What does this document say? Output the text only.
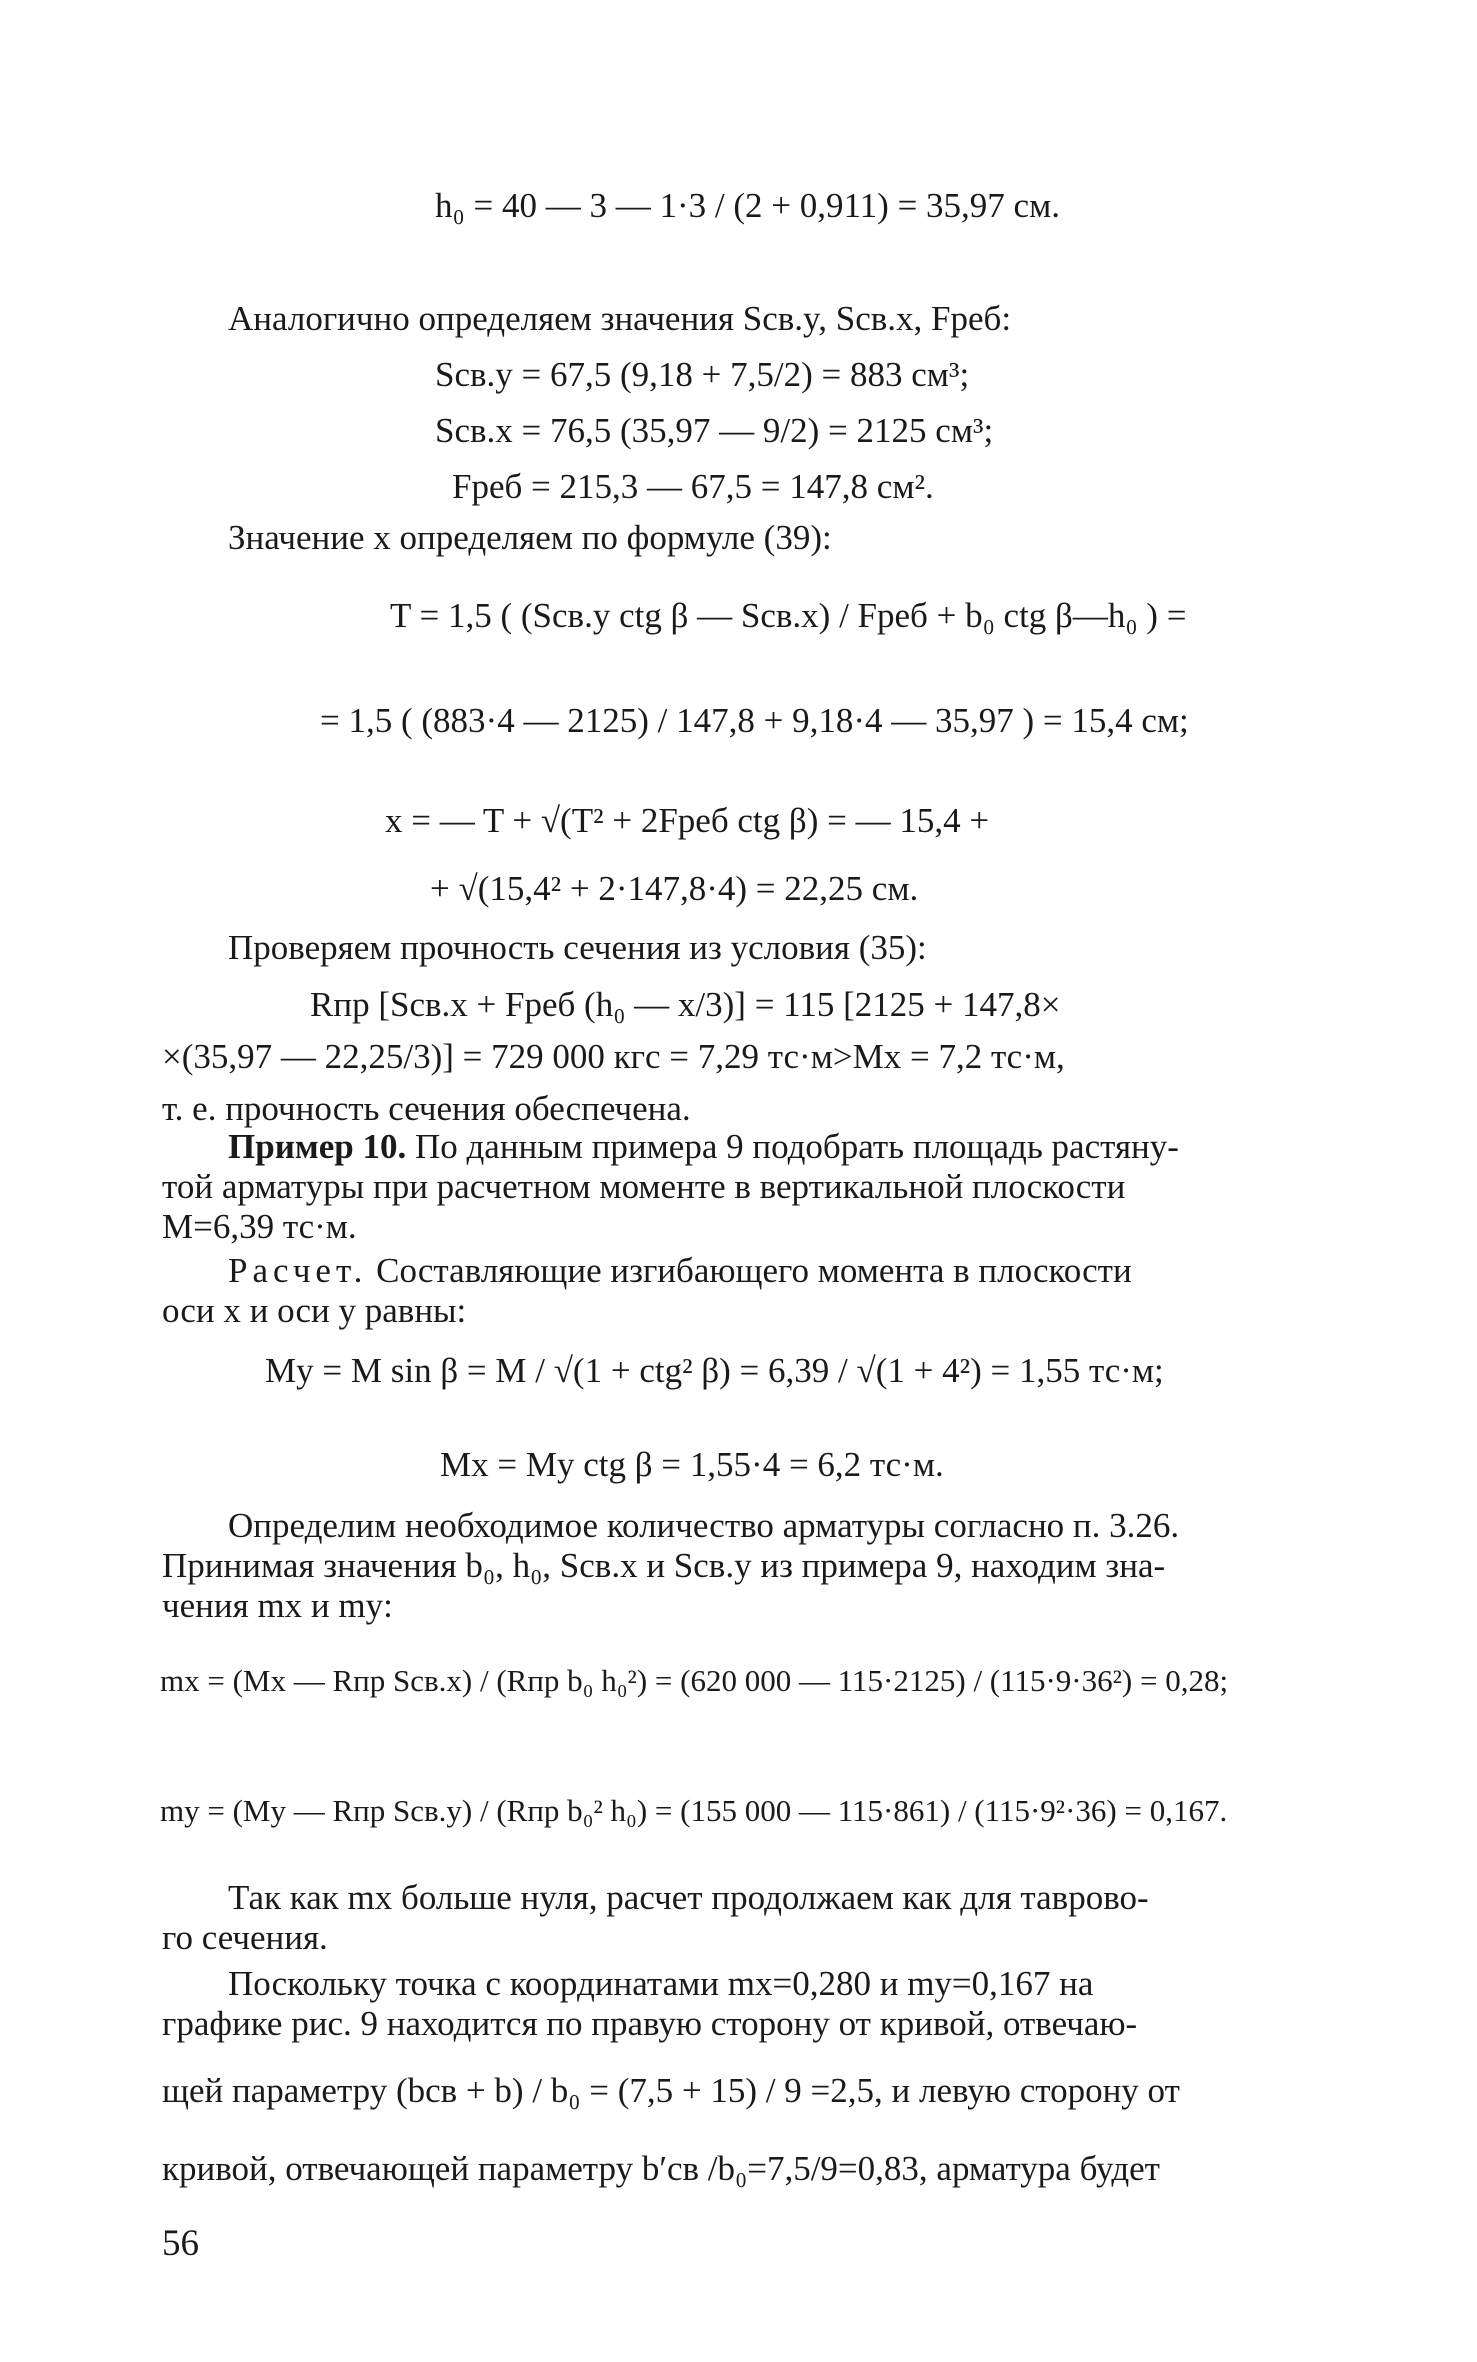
h₀ = 40 — 3 — 1·3 / (2 + 0,911) = 35,97 см.
Аналогично определяем значения Sсв.y, Sсв.x, Fреб:
Sсв.y = 67,5 (9,18 + 7,5/2) = 883 см³;
Sсв.x = 76,5 (35,97 — 9/2) = 2125 см³;
Fреб = 215,3 — 67,5 = 147,8 см².
Значение x определяем по формуле (39):
T = 1,5 ( (Sсв.y ctg β — Sсв.x) / Fреб + b₀ ctg β—h₀ ) =
= 1,5 ( (883·4 — 2125) / 147,8 + 9,18·4 — 35,97 ) = 15,4 см;
x = — T + √(T² + 2Fреб ctg β) = — 15,4 +
+ √(15,4² + 2·147,8·4) = 22,25 см.
Проверяем прочность сечения из условия (35):
Rпр [Sсв.x + Fреб (h₀ — x/3)] = 115 [2125 + 147,8×
×(35,97 — 22,25/3)] = 729 000 кгс = 7,29 тс·м>Mx = 7,2 тс·м,
т. е. прочность сечения обеспечена.
Пример 10. По данным примера 9 подобрать площадь растяну-
той арматуры при расчетном моменте в вертикальной плоскости
M=6,39 тс·м.
Расчет. Составляющие изгибающего момента в плоскости
оси x и оси y равны:
My = M sin β = M / √(1 + ctg² β) = 6,39 / √(1 + 4²) = 1,55 тс·м;
Mx = My ctg β = 1,55·4 = 6,2 тс·м.
Определим необходимое количество арматуры согласно п. 3.26.
Принимая значения b₀, h₀, Sсв.x и Sсв.y из примера 9, находим зна-
чения mx и my:
mx = (Mx — Rпр Sсв.x) / (Rпр b₀ h₀²) = (620 000 — 115·2125) / (115·9·36²) = 0,28;
my = (My — Rпр Sсв.y) / (Rпр b₀² h₀) = (155 000 — 115·861) / (115·9²·36) = 0,167.
Так как mx больше нуля, расчет продолжаем как для таврово-
го сечения.
Поскольку точка с координатами mx=0,280 и my=0,167 на
графике рис. 9 находится по правую сторону от кривой, отвечаю-
щей параметру (bсв + b) / b₀ = (7,5 + 15) / 9 =2,5, и левую сторону от
кривой, отвечающей параметру b′св /b₀=7,5/9=0,83, арматура будет
56
